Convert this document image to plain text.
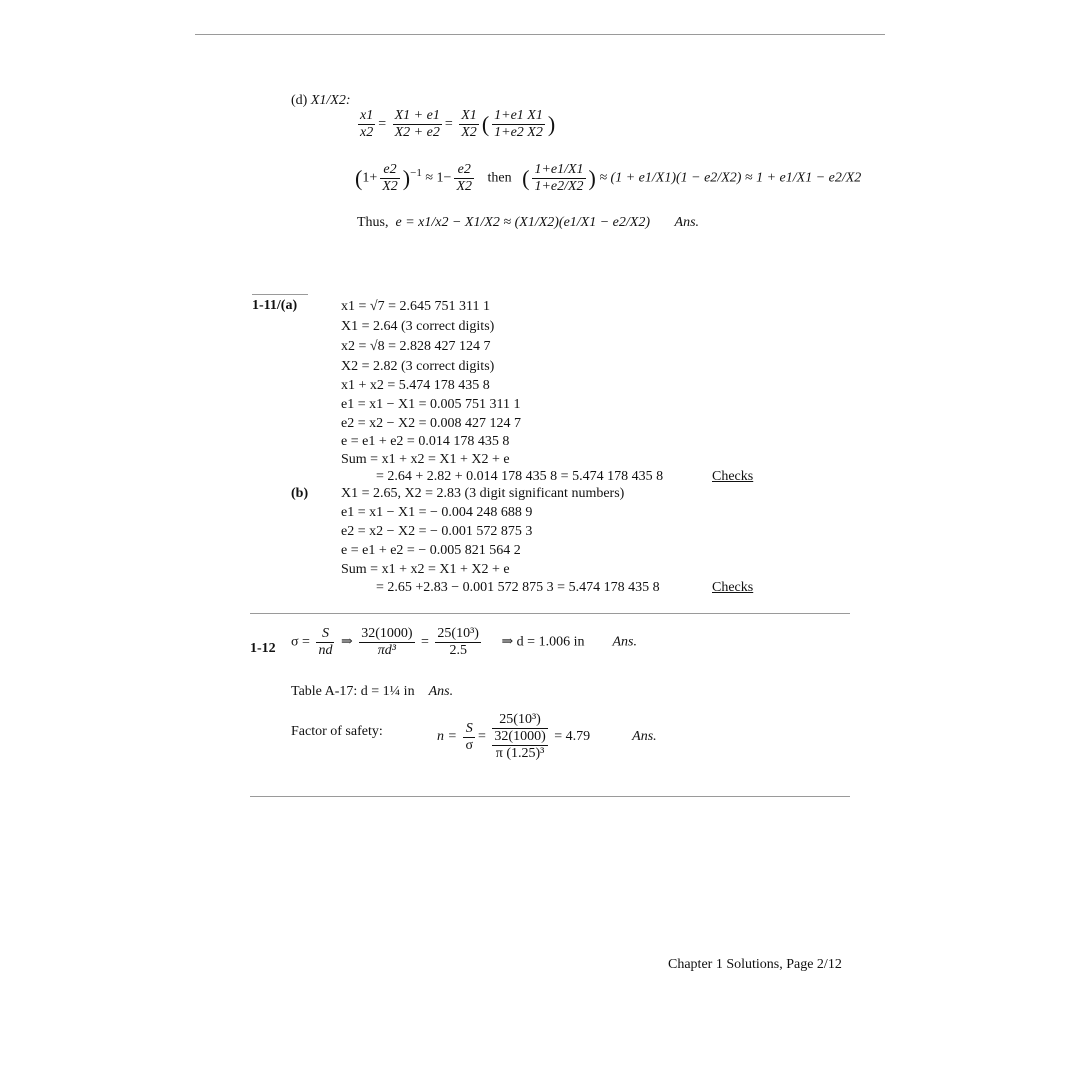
(d) X1/X2:
$\frac{x1}{x2} = \frac{X1 + e1}{X2 + e2} = \frac{X1}{X2}$ ( $\frac{1+e1 X1}{1+e2 X2}$ )
$(1+ \frac{e2}{X2} )^{-1} \approx 1- \frac{e2}{X2}$ then ( $\frac{1+e1/X1}{1+e2/X2}$ ) ≈ (1 + e1/X1)(1 − e2/X2) ≈ 1 + e1/X1 − e2/X2
Thus, e = x1/x2 − X1/X2 ≈ (X1/X2)(e1/X1 − e2/X2) Ans.
1-11/(a)	x1 = √7 = 2.645 751 311 1
X1 = 2.64 (3 correct digits)
x2 = √8 = 2.828 427 124 7
X2 = 2.82 (3 correct digits)
x1 + x2 = 5.474 178 435 8
e1 = x1 − X1 = 0.005 751 311 1
e2 = x2 − X2 = 0.008 427 124 7
e = e1 + e2 = 0.014 178 435 8
Sum = x1 + x2 = X1 + X2 + e
= 2.64 + 2.82 + 0.014 178 435 8 = 5.474 178 435 8	Checks
(b) X1 = 2.65, X2 = 2.83 (3 digit significant numbers)
e1 = x1 − X1 = − 0.004 248 688 9
e2 = x2 − X2 = − 0.001 572 875 3
e = e1 + e2 = − 0.005 821 564 2
Sum = x1 + x2 = X1 + X2 + e
= 2.65 +2.83 − 0.001 572 875 3 = 5.474 178 435 8	Checks
1-12 $\sigma = \frac{S}{nd}$ ⇒ $\frac{32(1000)}{\text{πd³}} = \frac{\text{25(10³)}}{2.5}$ ⇒ d = 1.006 in Ans.
Table A-17: d = 1¼ in Ans.
Factor of safety:	$n = \frac{S}{\sigma}$ =
25(10³)
32(1000)
π (1.25)³
= 4.79	Ans.
Chapter 1 Solutions, Page 2/12
